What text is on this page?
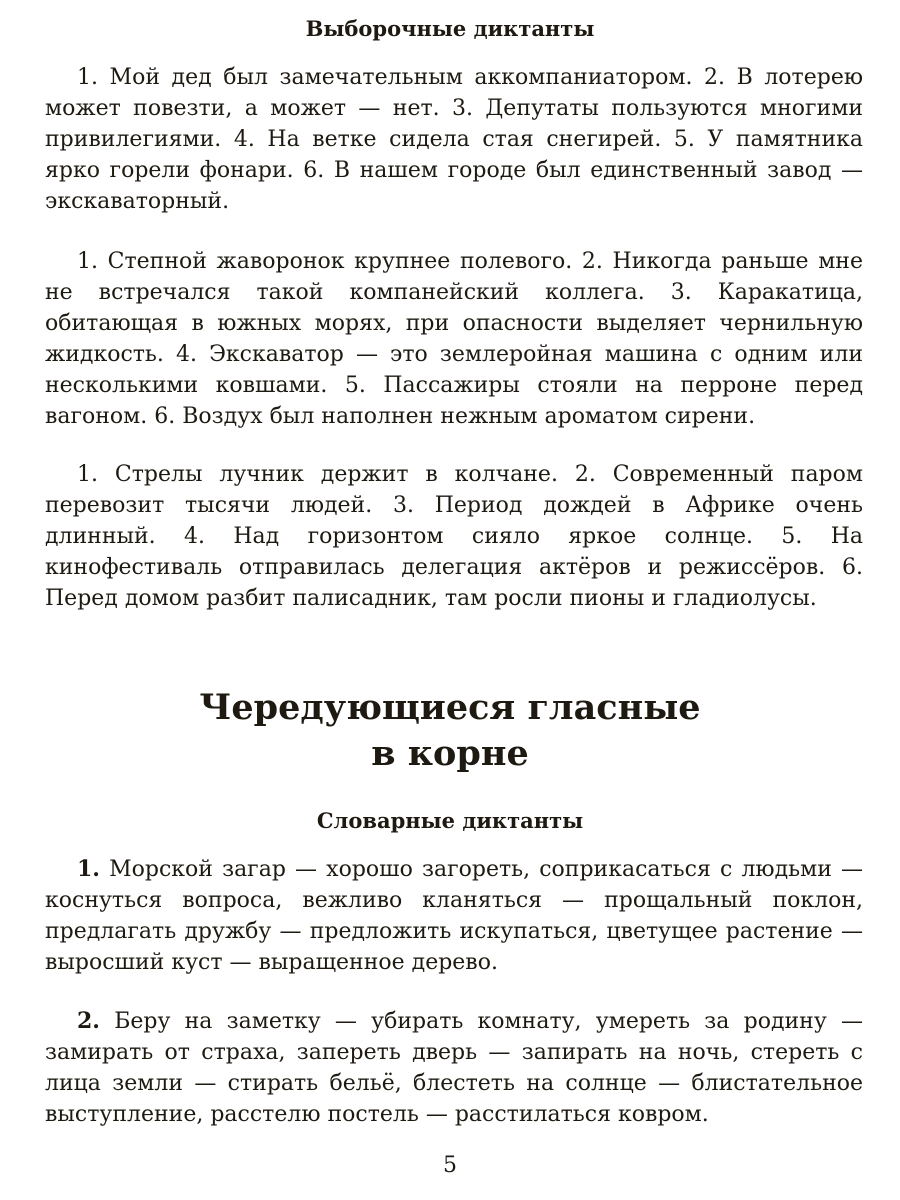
Выборочные диктанты
1. Мой дед был замечательным аккомпаниатором. 2. В лотерею может повезти, а может — нет. 3. Депутаты пользуются многими привилегиями. 4. На ветке сидела стая снегирей. 5. У памятника ярко горели фонари. 6. В нашем городе был единственный завод — экскаваторный.
1. Степной жаворонок крупнее полевого. 2. Никогда раньше мне не встречался такой компанейский коллега. 3. Каракатица, обитающая в южных морях, при опасности выделяет чернильную жидкость. 4. Экскаватор — это землеройная машина с одним или несколькими ковшами. 5. Пассажиры стояли на перроне перед вагоном. 6. Воздух был наполнен нежным ароматом сирени.
1. Стрелы лучник держит в колчане. 2. Современный паром перевозит тысячи людей. 3. Период дождей в Африке очень длинный. 4. Над горизонтом сияло яркое солнце. 5. На кинофестиваль отправилась делегация актёров и режиссёров. 6. Перед домом разбит палисадник, там росли пионы и гладиолусы.
Чередующиеся гласные
в корне
Словарные диктанты
1. Морской загар — хорошо загореть, соприкасаться с людьми — коснуться вопроса, вежливо кланяться — прощальный поклон, предлагать дружбу — предложить искупаться, цветущее растение — выросший куст — выращенное дерево.
2. Беру на заметку — убирать комнату, умереть за родину — замирать от страха, запереть дверь — запирать на ночь, стереть с лица земли — стирать бельё, блестеть на солнце — блистательное выступление, расстелю постель — расстилаться ковром.
5
